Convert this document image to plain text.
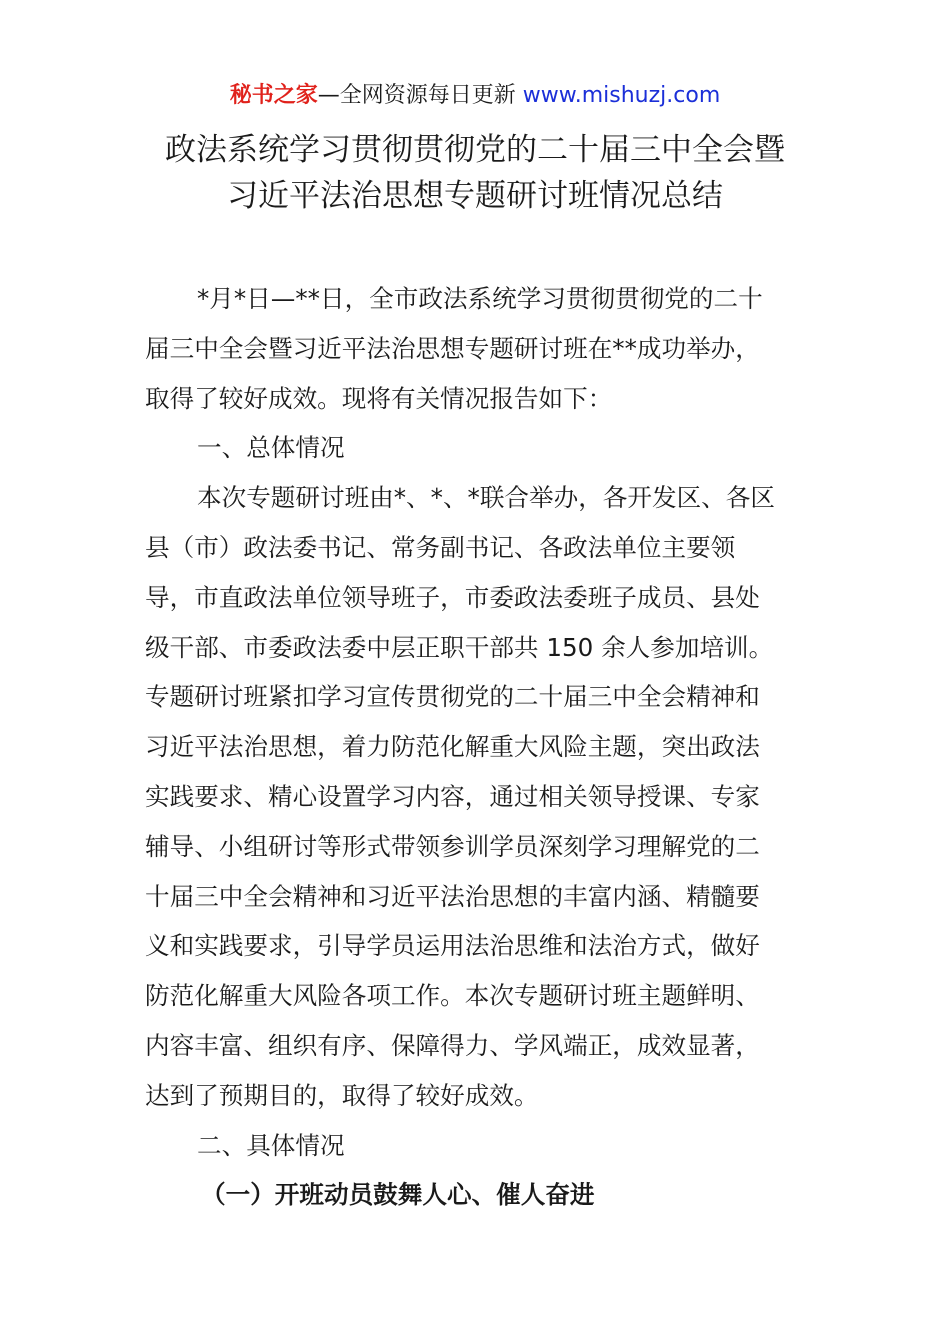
秘书之家—全网资源每日更新 www.mishuzj.com
政法系统学习贯彻贯彻党的二十届三中全会暨
习近平法治思想专题研讨班情况总结
*月*日—**日，全市政法系统学习贯彻贯彻党的二十
届三中全会暨习近平法治思想专题研讨班在**成功举办，
取得了较好成效。现将有关情况报告如下：
一、总体情况
本次专题研讨班由*、*、*联合举办，各开发区、各区
县（市）政法委书记、常务副书记、各政法单位主要领
导，市直政法单位领导班子，市委政法委班子成员、县处
级干部、市委政法委中层正职干部共 150 余人参加培训。
专题研讨班紧扣学习宣传贯彻党的二十届三中全会精神和
习近平法治思想，着力防范化解重大风险主题，突出政法
实践要求、精心设置学习内容，通过相关领导授课、专家
辅导、小组研讨等形式带领参训学员深刻学习理解党的二
十届三中全会精神和习近平法治思想的丰富内涵、精髓要
义和实践要求，引导学员运用法治思维和法治方式，做好
防范化解重大风险各项工作。本次专题研讨班主题鲜明、
内容丰富、组织有序、保障得力、学风端正，成效显著，
达到了预期目的，取得了较好成效。
二、具体情况
（一）开班动员鼓舞人心、催人奋进
